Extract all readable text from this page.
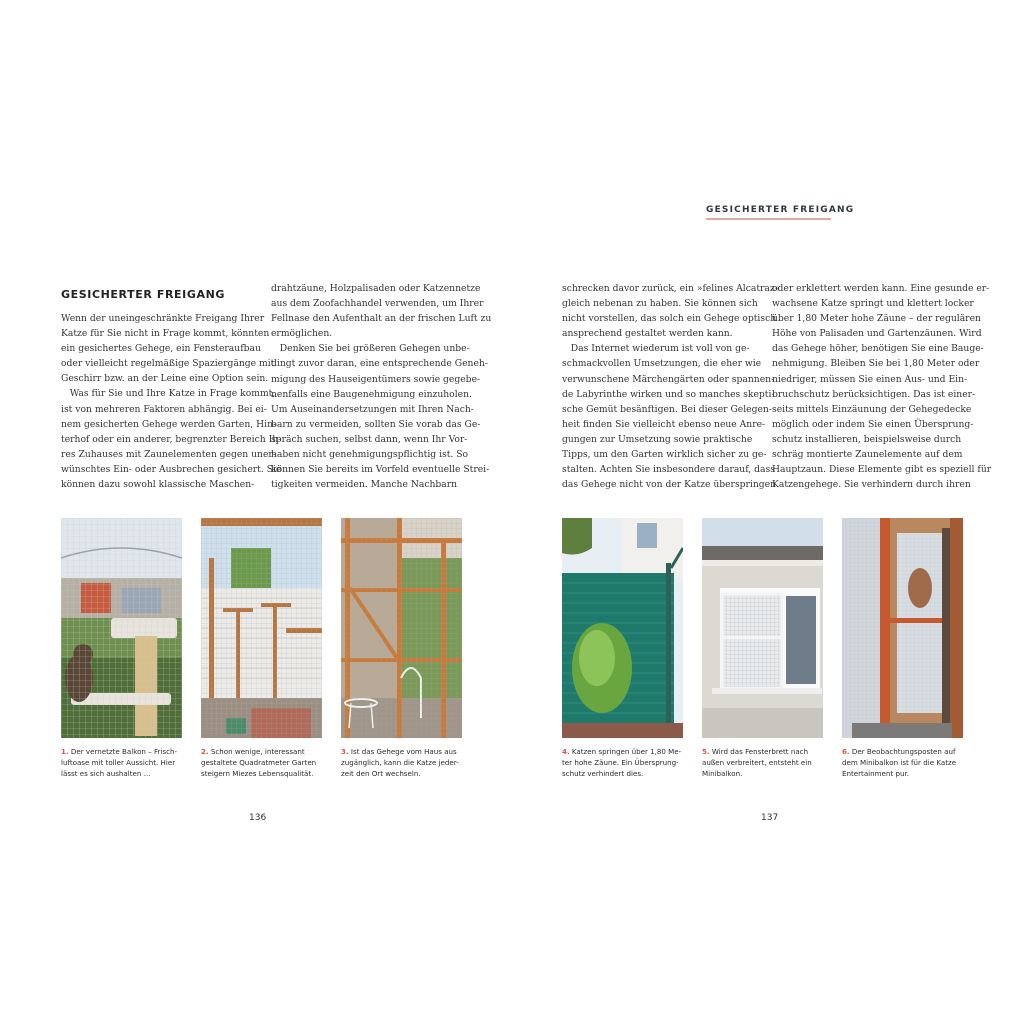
GESICHERTER FREIGANG
GESICHERTER FREIGANG

Wenn der uneingeschränkte Freigang Ihrer

Katze für Sie nicht in Frage kommt, könnten

ein gesichertes Gehege, ein Fensteraufbau

oder vielleicht regelmäßige Spaziergänge mit

Geschirr bzw. an der Leine eine Option sein.

Was für Sie und Ihre Katze in Frage kommt,

ist von mehreren Faktoren abhängig. Bei ei-

nem gesicherten Gehege werden Garten, Hin-

terhof oder ein anderer, begrenzter Bereich Ih-

res Zuhauses mit Zaunelementen gegen uner-

wünschtes Ein- oder Ausbrechen gesichert. Sie

können dazu sowohl klassische Maschen-

drahtzäune, Holzpalisaden oder Katzennetze

aus dem Zoofachhandel verwenden, um Ihrer

Fellnase den Aufenthalt an der frischen Luft zu

ermöglichen.

Denken Sie bei größeren Gehegen unbe-

dingt zuvor daran, eine entsprechende Geneh-

migung des Hauseigentümers sowie gegebe-

nenfalls eine Baugenehmigung einzuholen.

Um Auseinandersetzungen mit Ihren Nach-

barn zu vermeiden, sollten Sie vorab das Ge-

spräch suchen, selbst dann, wenn Ihr Vor-

haben nicht genehmigungspflichtig ist. So

können Sie bereits im Vorfeld eventuelle Strei-

tigkeiten vermeiden. Manche Nachbarn

schrecken davor zurück, ein »felines Alcatraz«

gleich nebenan zu haben. Sie können sich

nicht vorstellen, das solch ein Gehege optisch

ansprechend gestaltet werden kann.

Das Internet wiederum ist voll von ge-

schmackvollen Umsetzungen, die eher wie

verwunschene Märchengärten oder spannen-

de Labyrinthe wirken und so manches skepti-

sche Gemüt besänftigen. Bei dieser Gelegen-

heit finden Sie vielleicht ebenso neue Anre-

gungen zur Umsetzung sowie praktische

Tipps, um den Garten wirklich sicher zu ge-

stalten. Achten Sie insbesondere darauf, dass

das Gehege nicht von der Katze überspringen

oder erklettert werden kann. Eine gesunde er-

wachsene Katze springt und klettert locker

über 1,80 Meter hohe Zäune – der regulären

Höhe von Palisaden und Gartenzäunen. Wird

das Gehege höher, benötigen Sie eine Bauge-

nehmigung. Bleiben Sie bei 1,80 Meter oder

niedriger, müssen Sie einen Aus- und Ein-

bruchschutz berücksichtigen. Das ist einer-

seits mittels Einzäunung der Gehegedecke

möglich oder indem Sie einen Übersprung-

schutz installieren, beispielsweise durch

schräg montierte Zaunelemente auf dem

Hauptzaun. Diese Elemente gibt es speziell für

Katzengehege. Sie verhindern durch ihren

1. Der vernetzte Balkon – Frisch-

luftoase mit toller Aussicht. Hier

lässt es sich aushalten …

2. Schon wenige, interessant

gestaltete Quadratmeter Garten

steigern Miezes Lebensqualität.

3. Ist das Gehege vom Haus aus

zugänglich, kann die Katze jeder-

zeit den Ort wechseln.

4. Katzen springen über 1,80 Me-

ter hohe Zäune. Ein Übersprung-

schutz verhindert dies.

5. Wird das Fensterbrett nach

außen verbreitert, entsteht ein

Minibalkon.

6. Der Beobachtungsposten auf

dem Minibalkon ist für die Katze

Entertainment pur.

136	137
